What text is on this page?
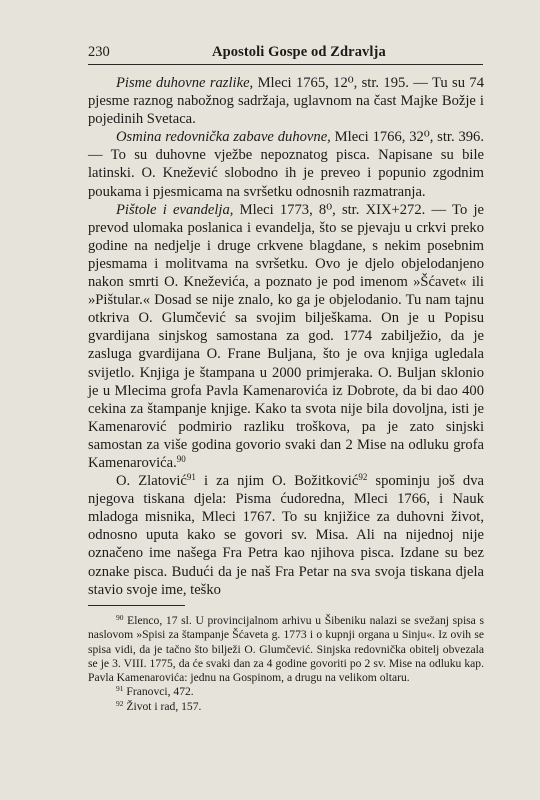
230	Apostoli Gospe od Zdravlja

Pisme duhovne razlike, Mleci 1765, 12⁰, str. 195. — Tu su 74 pjesme raznog nabožnog sadržaja, uglavnom na čast Majke Božje i pojedinih Svetaca.

Osmina redovnička zabave duhovne, Mleci 1766, 32⁰, str. 396. — To su duhovne vježbe nepoznatog pisca. Napisane su bile latinski. O. Knežević slobodno ih je preveo i popunio zgodnim poukama i pjesmicama na svršetku odnosnih razmatranja.

Pištole i evandelja, Mleci 1773, 8⁰, str. XIX+272. — To je prevod ulomaka poslanica i evandelja, što se pjevaju u crkvi preko godine na nedjelje i druge crkvene blagdane, s nekim posebnim pjesmama i molitvama na svršetku. Ovo je djelo objelodanjeno nakon smrti O. Kneževića, a poznato je pod imenom »Šćavet« ili »Pištular.« Dosad se nije znalo, ko ga je objelodanio. Tu nam tajnu otkriva O. Glumčević sa svojim bilješkama. On je u Popisu gvardijana sinjskog samostana za god. 1774 zabilježio, da je zasluga gvardijana O. Frane Buljana, što je ova knjiga ugledala svijetlo. Knjiga je štampana u 2000 primjeraka. O. Buljan sklonio je u Mlecima grofa Pavla Kamenarovića iz Dobrote, da bi dao 400 cekina za štampanje knjige. Kako ta svota nije bila dovoljna, isti je Kamenarović podmirio razliku troškova, pa je zato sinjski samostan za više godina govorio svaki dan 2 Mise na odluku grofa Kamenarovića.$^{90}$

O. Zlatović$^{91}$ i za njim O. Božitković$^{92}$ spominju još dva njegova tiskana djela: Pisma ćudoredna, Mleci 1766, i Nauk mladoga misnika, Mleci 1767. To su knjižice za duhovni život, odnosno uputa kako se govori sv. Misa. Ali na nijednoj nije označeno ime našega Fra Petra kao njihova pisca. Izdane su bez oznake pisca. Budući da je naš Fra Petar na sva svoja tiskana djela stavio svoje ime, teško

$^{90}$ Elenco, 17 sl. U provincijalnom arhivu u Šibeniku nalazi se svežanj spisa s naslovom »Spisi za štampanje Šćaveta g. 1773 i o kupnji organa u Sinju«. Iz ovih se spisa vidi, da je tačno što bilježi O. Glumčević. Sinjska redovnička obitelj obvezala se je 3. VIII. 1775, da će svaki dan za 4 godine govoriti po 2 sv. Mise na odluku kap. Pavla Kamenarovića: jednu na Gospinom, a drugu na velikom oltaru.

$^{91}$ Franovci, 472.

$^{92}$ Život i rad, 157.
